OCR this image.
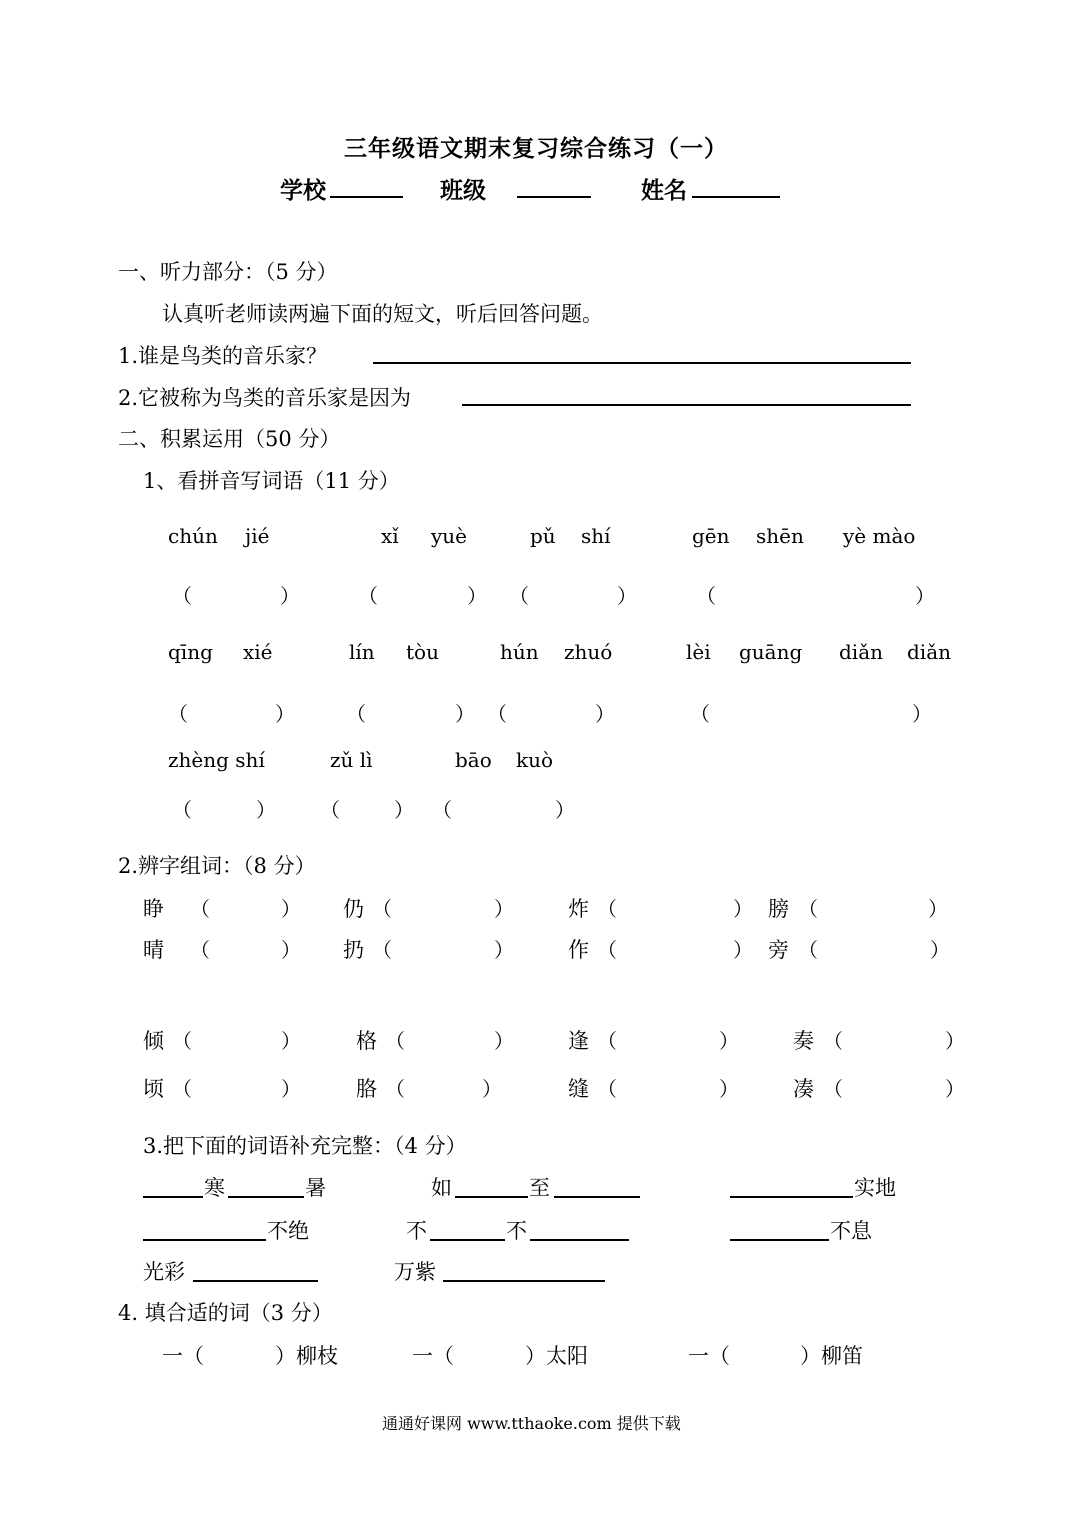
三年级语文期末复习综合练习（一）
学校	班级	姓名
一、听力部分：（5 分）
认真听老师读两遍下面的短文，听后回答问题。
1.谁是鸟类的音乐家？
2.它被称为鸟类的音乐家是因为
二、积累运用（50 分）
1、看拼音写词语（11 分）
chún jié	xǐ yuè	pǔ shí	gēn shēn yè mào
（	）	（	） （	）	（	）
qīng xié	lín tòu	hún zhuó	lèi guāng diǎn diǎn
（	）	（	） （	）	（	）
zhèng shí	zǔ lì	bāo kuò
（	） （	） （	）
2.辨字组词：（8 分）
睁 （	） 仍 （	）	炸 （	） 膀 （	）
晴 （	） 扔 （	）	作 （	） 旁 （	）
倾 （	）	格 （	）	逢 （	）	奏 （	）
顷 （	）	胳 （	）	缝 （	）	凑 （	）
3.把下面的词语补充完整：（4 分）
寒	暑	如	至	实地
不绝	不	不	不息
光彩	万紫
4. 填合适的词（3 分）
一（	）柳枝	一（	）太阳	一（	）柳笛
通通好课网 www.tthaoke.com 提供下载
